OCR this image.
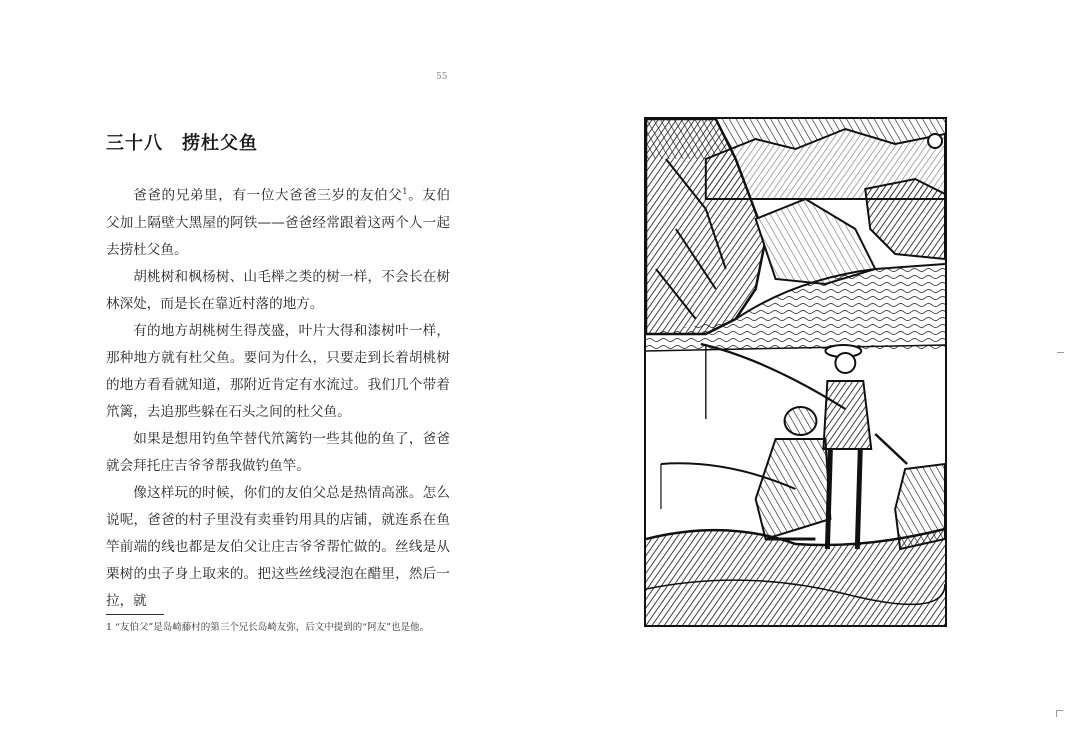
55
三十八　捞杜父鱼

爸爸的兄弟里，有一位大爸爸三岁的友伯父$^1$。友伯父加上隔壁大黑屋的阿铁——爸爸经常跟着这两个人一起去捞杜父鱼。

胡桃树和枫杨树、山毛榉之类的树一样，不会长在树林深处，而是长在靠近村落的地方。

有的地方胡桃树生得茂盛，叶片大得和漆树叶一样，那种地方就有杜父鱼。要问为什么，只要走到长着胡桃树的地方看看就知道，那附近肯定有水流过。我们几个带着笊篱，去追那些躲在石头之间的杜父鱼。

如果是想用钓鱼竿替代笊篱钓一些其他的鱼了，爸爸就会拜托庄吉爷爷帮我做钓鱼竿。

像这样玩的时候，你们的友伯父总是热情高涨。怎么说呢，爸爸的村子里没有卖垂钓用具的店铺，就连系在鱼竿前端的线也都是友伯父让庄吉爷爷帮忙做的。丝线是从栗树的虫子身上取来的。把这些丝线浸泡在醋里，然后一拉，就

1 “友伯父”是岛崎藤村的第三个兄长岛崎友弥，后文中提到的“阿友”也是他。
